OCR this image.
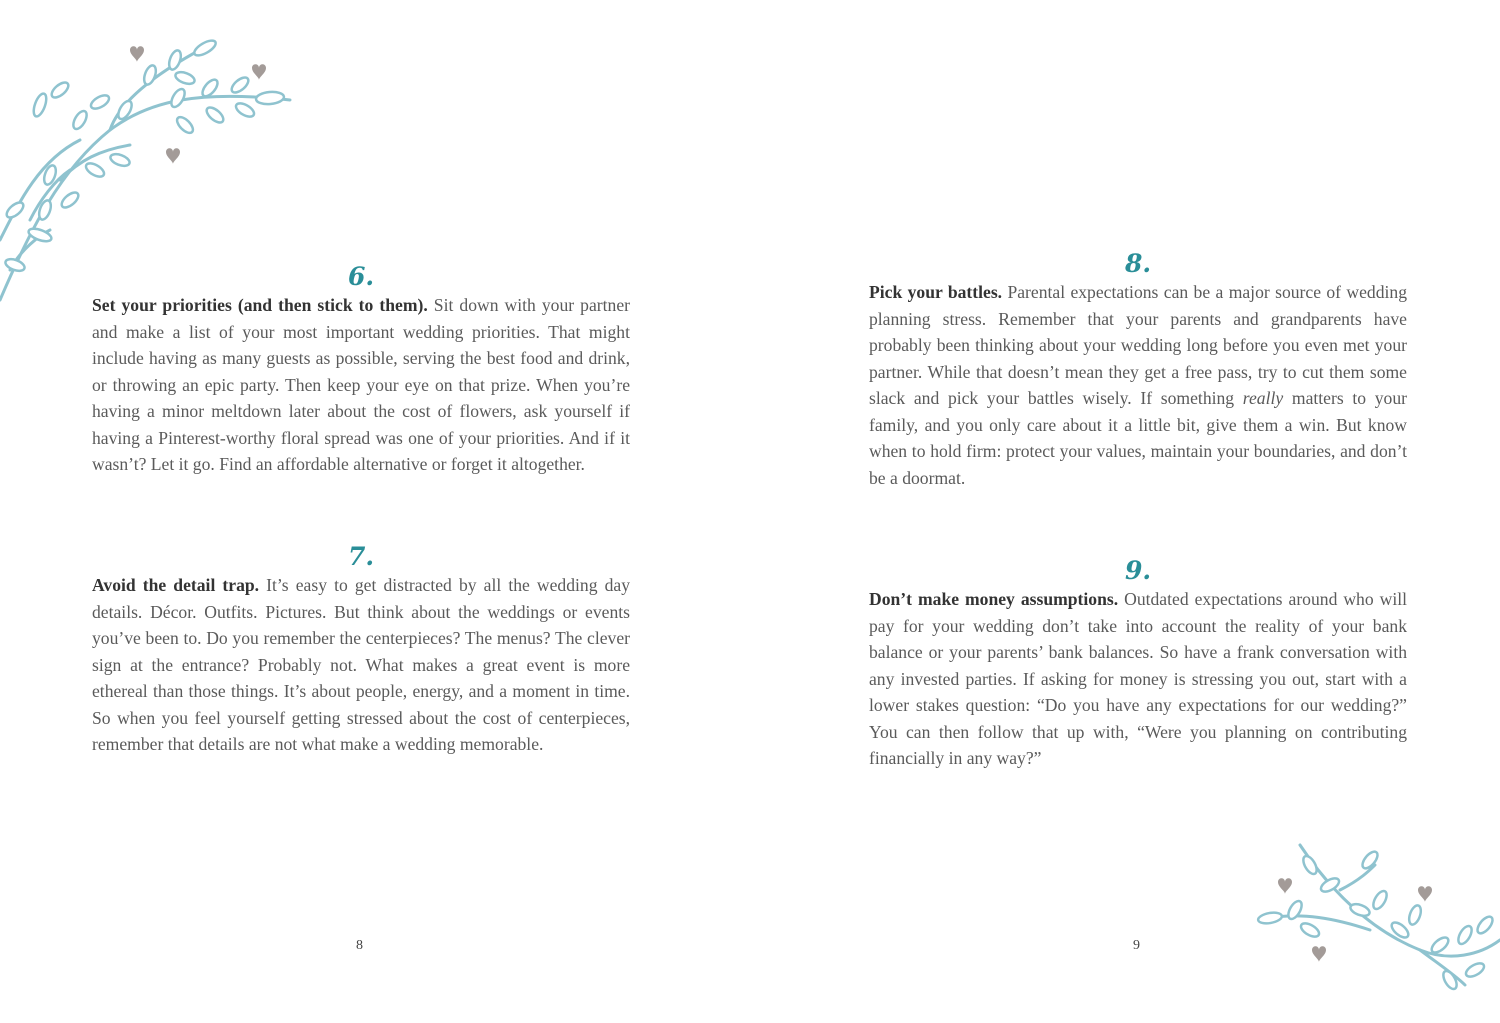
6.

Set your priorities (and then stick to them). Sit down with your partner and make a list of your most important wedding priorities. That might include having as many guests as possible, serving the best food and drink, or throwing an epic party. Then keep your eye on that prize. When you’re having a minor meltdown later about the cost of flowers, ask yourself if having a Pinterest-worthy floral spread was one of your priorities. And if it wasn’t? Let it go. Find an affordable alternative or forget it altogether.

7.

Avoid the detail trap. It’s easy to get distracted by all the wedding day details. Décor. Outfits. Pictures. But think about the weddings or events you’ve been to. Do you remember the centerpieces? The menus? The clever sign at the entrance? Probably not. What makes a great event is more ethereal than those things. It’s about people, energy, and a moment in time. So when you feel yourself getting stressed about the cost of centerpieces, remember that details are not what make a wedding memorable.

8
8.

Pick your battles. Parental expectations can be a major source of wedding planning stress. Remember that your parents and grandparents have probably been thinking about your wedding long before you even met your partner. While that doesn’t mean they get a free pass, try to cut them some slack and pick your battles wisely. If something really matters to your family, and you only care about it a little bit, give them a win. But know when to hold firm: protect your values, maintain your boundaries, and don’t be a doormat.

9.

Don’t make money assumptions. Outdated expectations around who will pay for your wedding don’t take into account the reality of your bank balance or your parents’ bank balances. So have a frank conversation with any invested parties. If asking for money is stressing you out, start with a lower stakes question: “Do you have any expectations for our wedding?” You can then follow that up with, “Were you planning on contributing financially in any way?”

9
